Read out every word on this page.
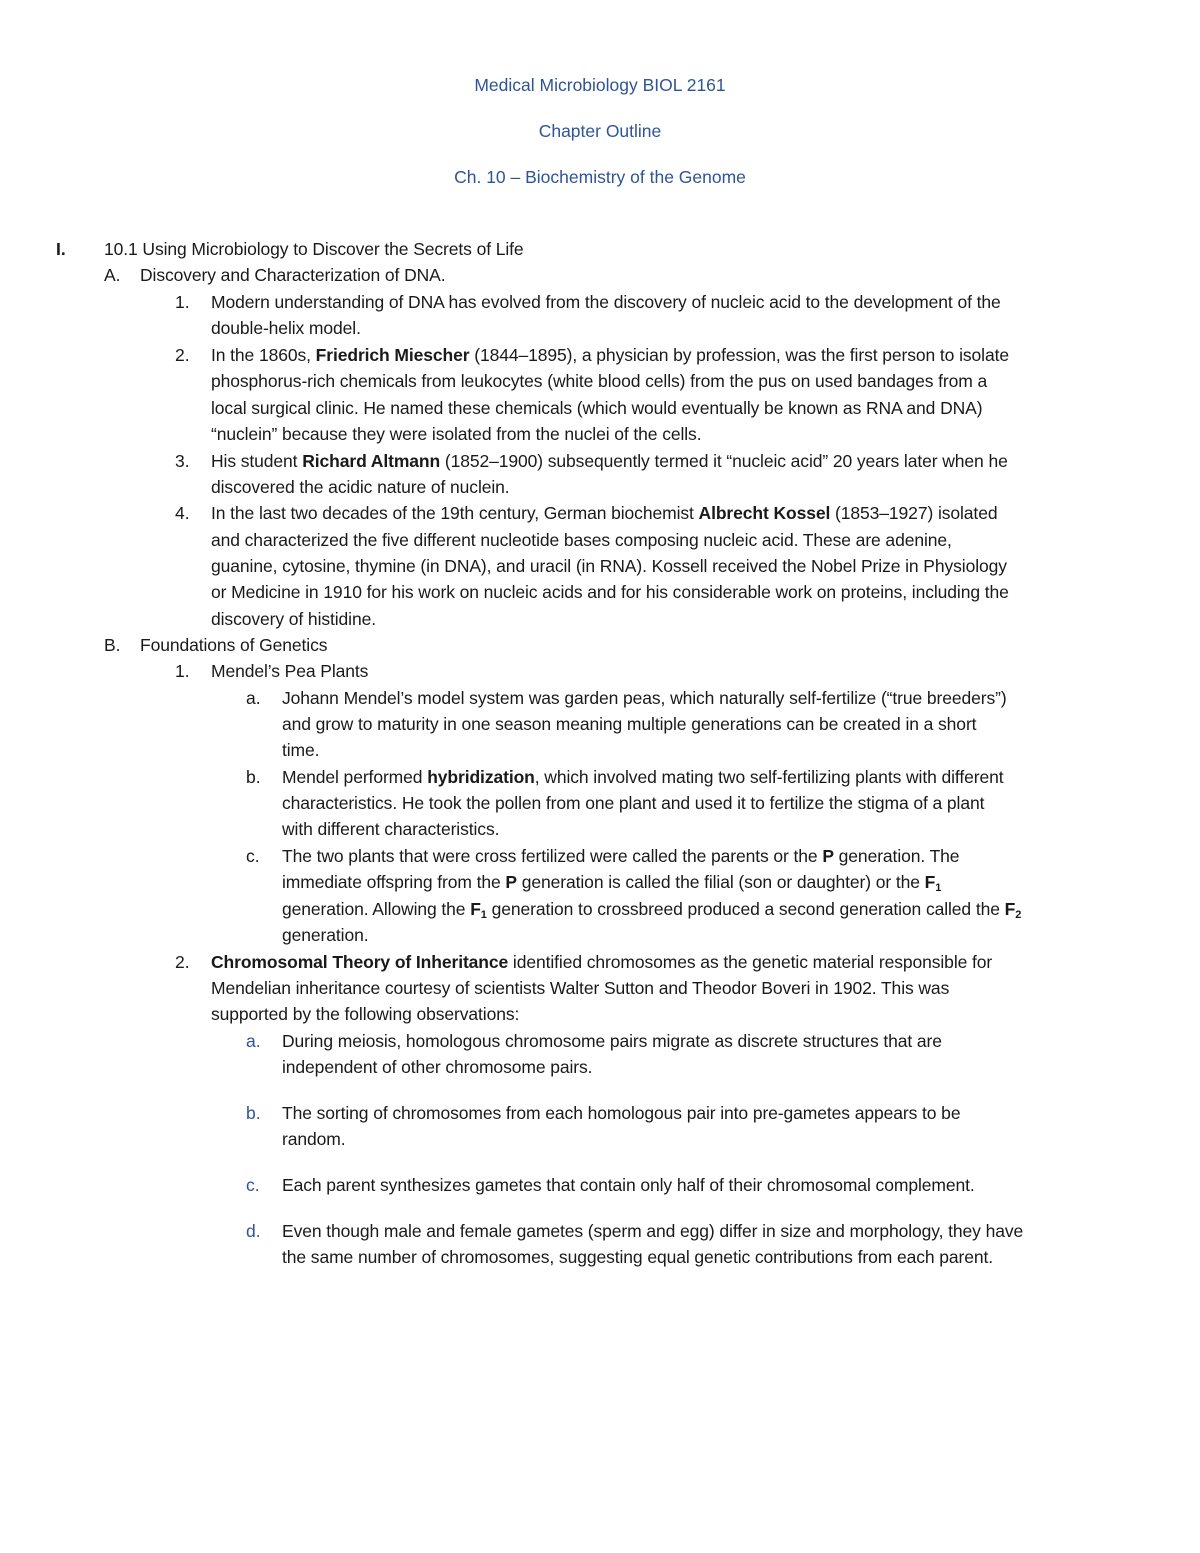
Medical Microbiology BIOL 2161
Chapter Outline
Ch. 10 – Biochemistry of the Genome
I. 10.1 Using Microbiology to Discover the Secrets of Life
A. Discovery and Characterization of DNA.
1. Modern understanding of DNA has evolved from the discovery of nucleic acid to the development of the
double-helix model.
2. In the 1860s, Friedrich Miescher (1844–1895), a physician by profession, was the first person to isolate
phosphorus-rich chemicals from leukocytes (white blood cells) from the pus on used bandages from a
local surgical clinic. He named these chemicals (which would eventually be known as RNA and DNA)
“nuclein” because they were isolated from the nuclei of the cells.
3. His student Richard Altmann (1852–1900) subsequently termed it “nucleic acid” 20 years later when he
discovered the acidic nature of nuclein.
4. In the last two decades of the 19th century, German biochemist Albrecht Kossel (1853–1927) isolated
and characterized the five different nucleotide bases composing nucleic acid. These are adenine,
guanine, cytosine, thymine (in DNA), and uracil (in RNA). Kossell received the Nobel Prize in Physiology
or Medicine in 1910 for his work on nucleic acids and for his considerable work on proteins, including the
discovery of histidine.
B. Foundations of Genetics
1. Mendel’s Pea Plants
a. Johann Mendel’s model system was garden peas, which naturally self-fertilize (“true breeders”)
and grow to maturity in one season meaning multiple generations can be created in a short
time.
b. Mendel performed hybridization, which involved mating two self-fertilizing plants with different
characteristics. He took the pollen from one plant and used it to fertilize the stigma of a plant
with different characteristics.
c. The two plants that were cross fertilized were called the parents or the P generation. The
immediate offspring from the P generation is called the filial (son or daughter) or the $F_1$
generation. Allowing the $F_1$ generation to crossbreed produced a second generation called the $F_2$
generation.
2. Chromosomal Theory of Inheritance identified chromosomes as the genetic material responsible for
Mendelian inheritance courtesy of scientists Walter Sutton and Theodor Boveri in 1902. This was
supported by the following observations:
a. During meiosis, homologous chromosome pairs migrate as discrete structures that are
independent of other chromosome pairs.
b. The sorting of chromosomes from each homologous pair into pre-gametes appears to be
random.
c. Each parent synthesizes gametes that contain only half of their chromosomal complement.
d. Even though male and female gametes (sperm and egg) differ in size and morphology, they have
the same number of chromosomes, suggesting equal genetic contributions from each parent.
